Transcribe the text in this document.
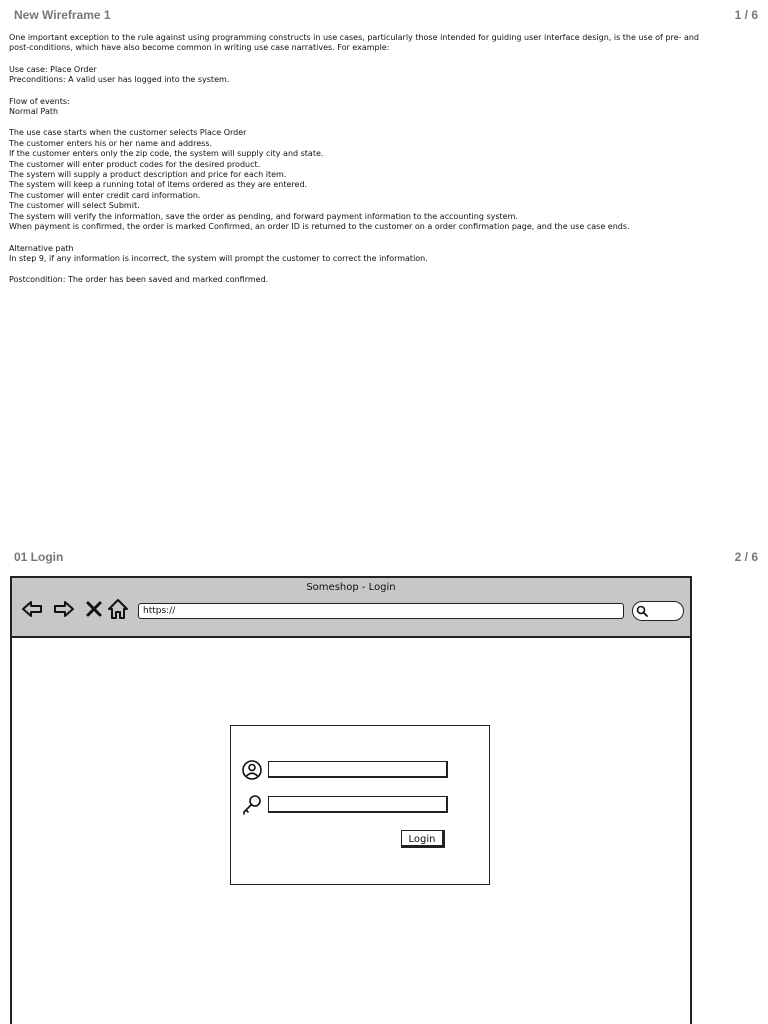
New Wireframe 1	1 / 6

One important exception to the rule against using programming constructs in use cases, particularly those intended for guiding user interface design, is the use of pre- and

post-conditions, which have also become common in writing use case narratives. For example:

Use case: Place Order

Preconditions: A valid user has logged into the system.

Flow of events:

Normal Path

The use case starts when the customer selects Place Order

The customer enters his or her name and address.

If the customer enters only the zip code, the system will supply city and state.

The customer will enter product codes for the desired product.

The system will supply a product description and price for each item.

The system will keep a running total of items ordered as they are entered.

The customer will enter credit card information.

The customer will select Submit.

The system will verify the information, save the order as pending, and forward payment information to the accounting system.

When payment is confirmed, the order is marked Confirmed, an order ID is returned to the customer on a order confirmation page, and the use case ends.

Alternative path

In step 9, if any information is incorrect, the system will prompt the customer to correct the information.

Postcondition: The order has been saved and marked confirmed.

01 Login	2 / 6
Someshop - Login
https://
Login
